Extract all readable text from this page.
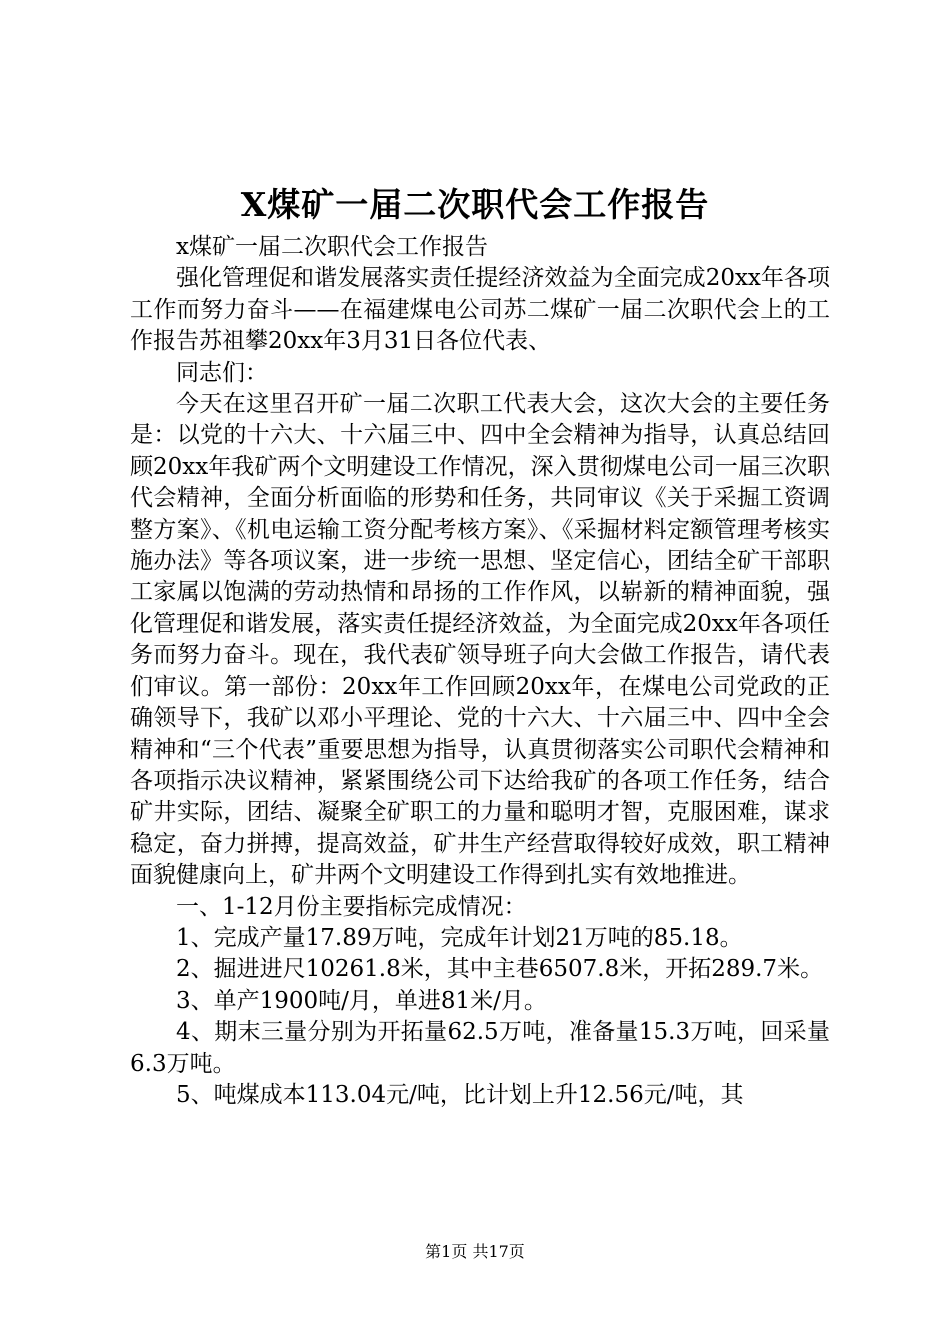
X煤矿一届二次职代会工作报告

x煤矿一届二次职代会工作报告

强化管理促和谐发展落实责任提经济效益为全面完成20xx年各项工作而努力奋斗——在福建煤电公司苏二煤矿一届二次职代会上的工作报告苏祖攀20xx年3月31日各位代表、

同志们：

今天在这里召开矿一届二次职工代表大会，这次大会的主要任务是：以党的十六大、十六届三中、四中全会精神为指导，认真总结回顾20xx年我矿两个文明建设工作情况，深入贯彻煤电公司一届三次职代会精神，全面分析面临的形势和任务，共同审议《关于采掘工资调整方案》、《机电运输工资分配考核方案》、《采掘材料定额管理考核实施办法》等各项议案，进一步统一思想、坚定信心，团结全矿干部职工家属以饱满的劳动热情和昂扬的工作作风，以崭新的精神面貌，强化管理促和谐发展，落实责任提经济效益，为全面完成20xx年各项任务而努力奋斗。现在，我代表矿领导班子向大会做工作报告，请代表们审议。第一部份：20xx年工作回顾20xx年，在煤电公司党政的正确领导下，我矿以邓小平理论、党的十六大、十六届三中、四中全会精神和“三个代表”重要思想为指导，认真贯彻落实公司职代会精神和各项指示决议精神，紧紧围绕公司下达给我矿的各项工作任务，结合矿井实际，团结、凝聚全矿职工的力量和聪明才智，克服困难，谋求稳定，奋力拼搏，提高效益，矿井生产经营取得较好成效，职工精神面貌健康向上，矿井两个文明建设工作得到扎实有效地推进。

一、1-12月份主要指标完成情况：

1、完成产量17.89万吨，完成年计划21万吨的85.18。

2、掘进进尺10261.8米，其中主巷6507.8米，开拓289.7米。

3、单产1900吨/月，单进81米/月。

4、期末三量分别为开拓量62.5万吨，准备量15.3万吨，回采量6.3万吨。

5、吨煤成本113.04元/吨，比计划上升12.56元/吨，其

第1页 共17页
